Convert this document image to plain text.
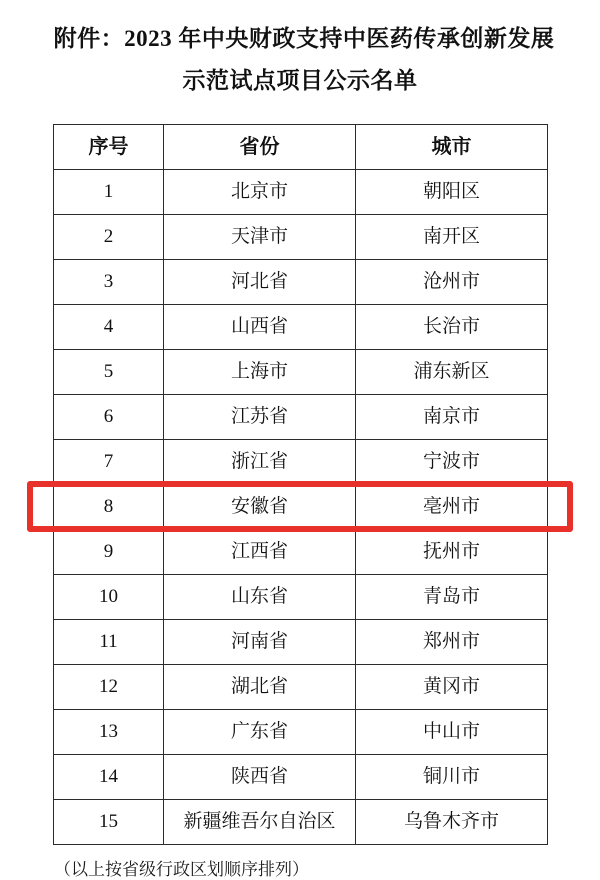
附件：2023 年中央财政支持中医药传承创新发展
示范试点项目公示名单
序号	省份	城市
1	北京市	朝阳区
2	天津市	南开区
3	河北省	沧州市
4	山西省	长治市
5	上海市	浦东新区
6	江苏省	南京市
7	浙江省	宁波市
8	安徽省	亳州市
9	江西省	抚州市
10	山东省	青岛市
11	河南省	郑州市
12	湖北省	黄冈市
13	广东省	中山市
14	陕西省	铜川市
15	新疆维吾尔自治区	乌鲁木齐市
（以上按省级行政区划顺序排列）
